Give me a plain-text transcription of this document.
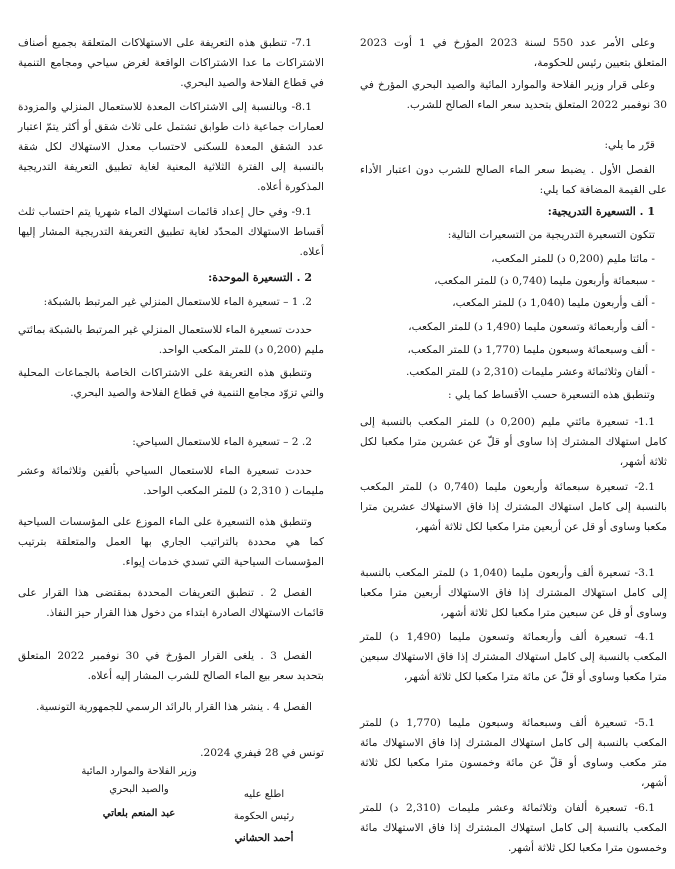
وعلى الأمر عدد 550 لسنة 2023 المؤرخ في 1 أوت 2023 المتعلق بتعيين رئيس للحكومة،

وعلى قرار وزير الفلاحة والموارد المائية والصيد البحري المؤرخ في 30 نوفمبر 2022 المتعلق بتحديد سعر الماء الصالح للشرب.

قرّر ما يلي:

الفصل الأول . يضبط سعر الماء الصالح للشرب دون اعتبار الأداء على القيمة المضافة كما يلي:

1 . التسعيرة التدريجية:

تتكون التسعيرة التدريجية من التسعيرات التالية:

- مائتا مليم (0,200 د) للمتر المكعب،

- سبعمائة وأربعون مليما (0,740 د) للمتر المكعب،

- ألف وأربعون مليما (1,040 د) للمتر المكعب،

- ألف وأربعمائة وتسعون مليما (1,490 د) للمتر المكعب،

- ألف وسبعمائة وسبعون مليما (1,770 د) للمتر المكعب،

- ألفان وثلاثمائة وعشر مليمات (2,310 د) للمتر المكعب.

وتنطبق هذه التسعيرة حسب الأقساط كما يلي :

1.1- تسعيرة مائتي مليم (0,200 د) للمتر المكعب بالنسبة إلى كامل استهلاك المشترك إذا ساوى أو قلّ عن عشرين مترا مكعبا لكل ثلاثة أشهر،

2.1- تسعيرة سبعمائة وأربعون مليما (0,740 د) للمتر المكعب بالنسبة إلى كامل استهلاك المشترك إذا فاق الاستهلاك عشرين مترا مكعبا وساوى أو قل عن أربعين مترا مكعبا لكل ثلاثة أشهر،

3.1- تسعيرة ألف وأربعون مليما (1,040 د) للمتر المكعب بالنسبة إلى كامل استهلاك المشترك إذا فاق الاستهلاك أربعين مترا مكعبا وساوى أو قل عن سبعين مترا مكعبا لكل ثلاثة أشهر،

4.1- تسعيرة ألف وأربعمائة وتسعون مليما (1,490 د) للمتر المكعب بالنسبة إلى كامل استهلاك المشترك إذا فاق الاستهلاك سبعين مترا مكعبا وساوى أو قلّ عن مائة مترا مكعبا لكل ثلاثة أشهر،

5.1- تسعيرة ألف وسبعمائة وسبعون مليما (1,770 د) للمتر المكعب بالنسبة إلى كامل استهلاك المشترك إذا فاق الاستهلاك مائة متر مكعب وساوى أو قلّ عن مائة وخمسون مترا مكعبا لكل ثلاثة أشهر،

6.1- تسعيرة ألفان وثلاثمائة وعشر مليمات (2,310 د) للمتر المكعب بالنسبة إلى كامل استهلاك المشترك إذا فاق الاستهلاك مائة وخمسون مترا مكعبا لكل ثلاثة أشهر.

7.1- تنطبق هذه التعريفة على الاستهلاكات المتعلقة بجميع أصناف الاشتراكات ما عدا الاشتراكات الواقعة لغرض سياحي ومجامع التنمية في قطاع الفلاحة والصيد البحري.

8.1- وبالنسبة إلى الاشتراكات المعدة للاستعمال المنزلي والمزودة لعمارات جماعية ذات طوابق تشتمل على ثلاث شقق أو أكثر يتمّ اعتبار عدد الشقق المعدة للسكنى لاحتساب معدل الاستهلاك لكل شقة بالنسبة إلى الفترة الثلاثية المعنية لغاية تطبيق التعريفة التدريجية المذكورة أعلاه.

9.1- وفي حال إعداد قائمات استهلاك الماء شهريا يتم احتساب ثلث أقساط الاستهلاك المحدّد لغاية تطبيق التعريفة التدريجية المشار إليها أعلاه.

2 . التسعيرة الموحدة:

2. 1 – تسعيرة الماء للاستعمال المنزلي غير المرتبط بالشبكة:

حددت تسعيرة الماء للاستعمال المنزلي غير المرتبط بالشبكة بمائتي مليم (0,200 د) للمتر المكعب الواحد.

وتنطبق هذه التعريفة على الاشتراكات الخاصة بالجماعات المحلية والتي تزوّد مجامع التنمية في قطاع الفلاحة والصيد البحري.

2. 2 – تسعيرة الماء للاستعمال السياحي:

حددت تسعيرة الماء للاستعمال السياحي بألفين وثلاثمائة وعشر مليمات ( 2,310 د) للمتر المكعب الواحد.

وتنطبق هذه التسعيرة على الماء الموزع على المؤسسات السياحية كما هي محددة بالتراتيب الجاري بها العمل والمتعلقة بترتيب المؤسسات السياحية التي تسدي خدمات إيواء.

الفصل 2 . تنطبق التعريفات المحددة بمقتضى هذا القرار على قائمات الاستهلاك الصادرة ابتداء من دخول هذا القرار حيز النفاذ.

الفصل 3 . يلغى القرار المؤرخ في 30 نوفمبر 2022 المتعلق بتحديد سعر بيع الماء الصالح للشرب المشار إليه أعلاه.

الفصل 4 . ينشر هذا القرار بالرائد الرسمي للجمهورية التونسية.

تونس في 28 فيفري 2024.

وزير الفلاحة والموارد المائية
والصيد البحري
عبد المنعم بلعاتي
اطلع عليه
رئيس الحكومة
أحمد الحشاني
